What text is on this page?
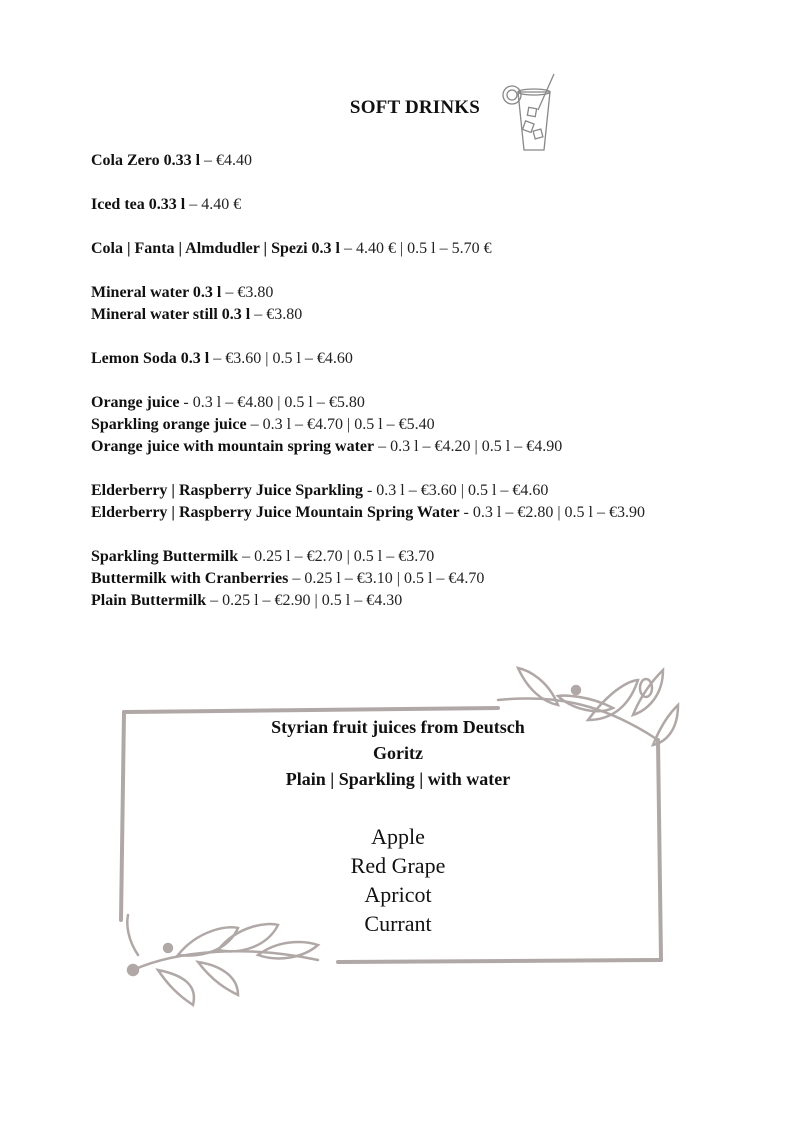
SOFT DRINKS
Cola Zero 0.33 l – €4.40
Iced tea 0.33 l – 4.40 €
Cola | Fanta | Almdudler | Spezi 0.3 l – 4.40 € | 0.5 l – 5.70 €
Mineral water 0.3 l – €3.80
Mineral water still 0.3 l – €3.80
Lemon Soda 0.3 l – €3.60 | 0.5 l – €4.60
Orange juice - 0.3 l – €4.80 | 0.5 l – €5.80
Sparkling orange juice – 0.3 l – €4.70 | 0.5 l – €5.40
Orange juice with mountain spring water – 0.3 l – €4.20 | 0.5 l – €4.90
Elderberry | Raspberry Juice Sparkling - 0.3 l – €3.60 | 0.5 l – €4.60
Elderberry | Raspberry Juice Mountain Spring Water - 0.3 l – €2.80 | 0.5 l – €3.90
Sparkling Buttermilk – 0.25 l – €2.70 | 0.5 l – €3.70
Buttermilk with Cranberries – 0.25 l – €3.10 | 0.5 l – €4.70
Plain Buttermilk – 0.25 l – €2.90 | 0.5 l – €4.30
Styrian fruit juices from Deutsch
Goritz
Plain | Sparkling | with water
Apple
Red Grape
Apricot
Currant
